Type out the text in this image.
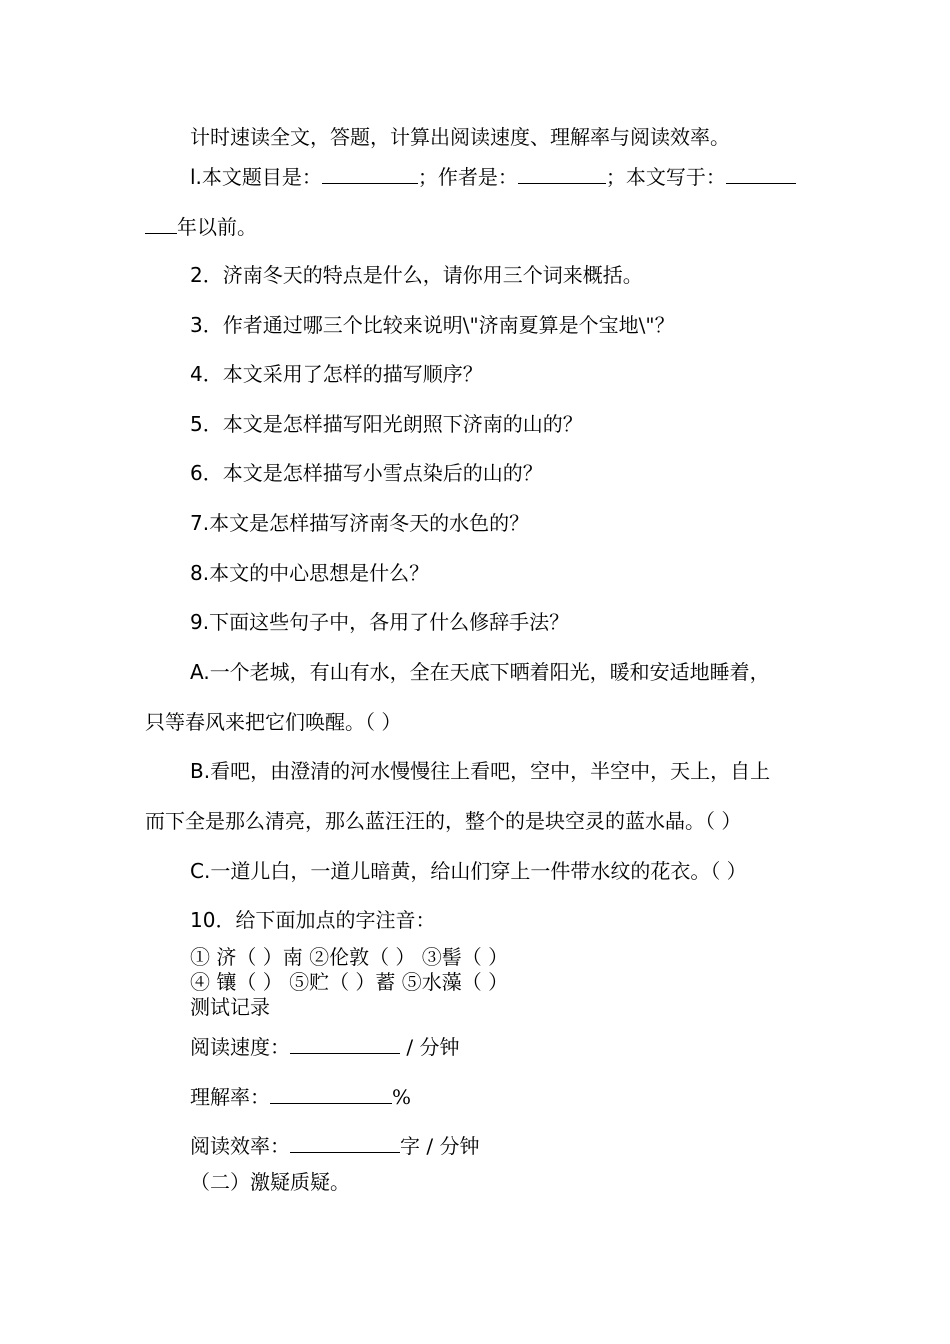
计时速读全文，答题，计算出阅读速度、理解率与阅读效率。
l.本文题目是：	；作者是：	；本文写于：
年以前。
2．济南冬天的特点是什么，请你用三个词来概括。
3．作者通过哪三个比较来说明\"济南夏算是个宝地\"？
4．本文采用了怎样的描写顺序？
5．本文是怎样描写阳光朗照下济南的山的？
6．本文是怎样描写小雪点染后的山的？
7.本文是怎样描写济南冬天的水色的？
8.本文的中心思想是什么？
9.下面这些句子中，各用了什么修辞手法？
A.一个老城，有山有水，全在天底下晒着阳光，暖和安适地睡着，
只等春风来把它们唤醒。（ ）
B.看吧，由澄清的河水慢慢往上看吧，空中，半空中，天上，自上
而下全是那么清亮，那么蓝汪汪的，整个的是块空灵的蓝水晶。（ ）
C.一道儿白，一道儿暗黄，给山们穿上一件带水纹的花衣。（ ）
10．给下面加点的字注音：
① 济（ ）南 ②伦敦（ ） ③髻（ ）
④ 镶（ ） ⑤贮（ ）蓄 ⑤水藻（ ）
测试记录
阅读速度：	/ 分钟
理解率：	%
阅读效率：	字 / 分钟
（二）激疑质疑。
